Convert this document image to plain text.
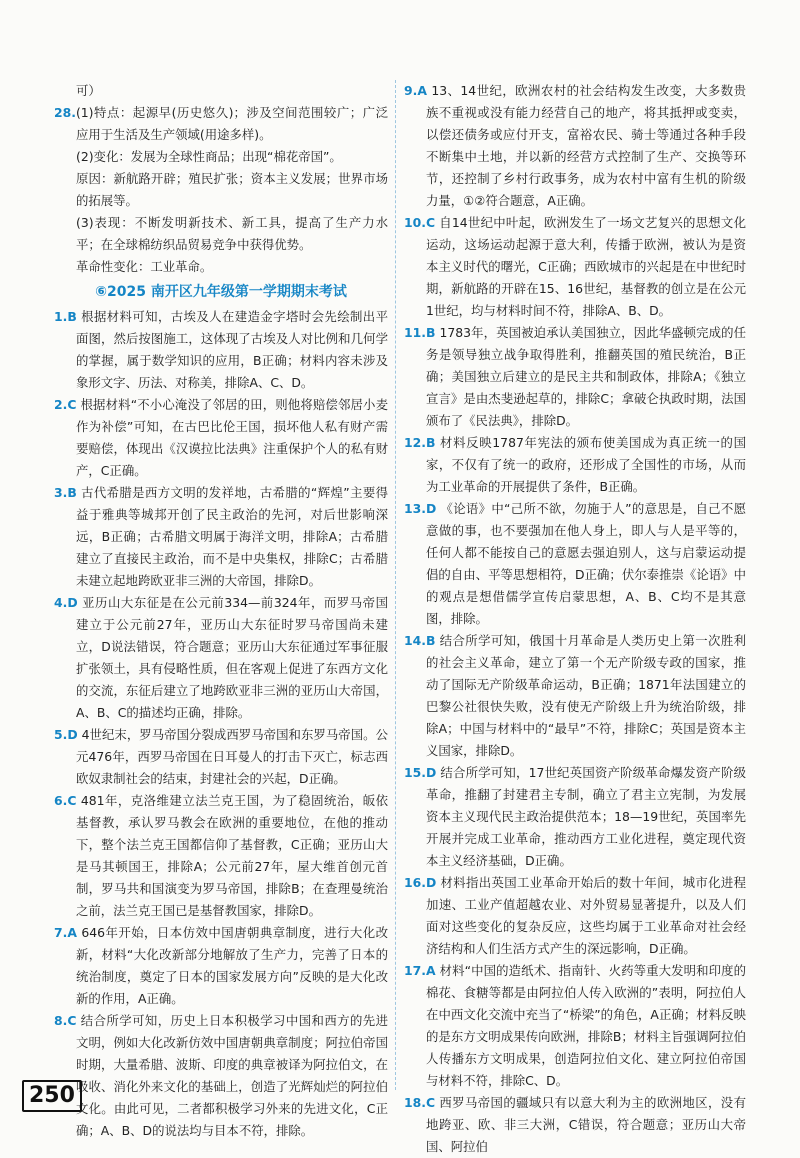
可）

28.(1)特点：起源早(历史悠久)；涉及空间范围较广；广泛应用于生活及生产领域(用途多样)。

(2)变化：发展为全球性商品；出现“棉花帝国”。

原因：新航路开辟；殖民扩张；资本主义发展；世界市场的拓展等。

(3)表现：不断发明新技术、新工具，提高了生产力水平；在全球棉纺织品贸易竞争中获得优势。

革命性变化：工业革命。

⑥2025 南开区九年级第一学期期末考试

1.B 根据材料可知，古埃及人在建造金字塔时会先绘制出平面图，然后按图施工，这体现了古埃及人对比例和几何学的掌握，属于数学知识的应用，B正确；材料内容未涉及象形文字、历法、对称美，排除A、C、D。

2.C 根据材料“不小心淹没了邻居的田，则他将赔偿邻居小麦作为补偿”可知，在古巴比伦王国，损坏他人私有财产需要赔偿，体现出《汉谟拉比法典》注重保护个人的私有财产，C正确。

3.B 古代希腊是西方文明的发祥地，古希腊的“辉煌”主要得益于雅典等城邦开创了民主政治的先河，对后世影响深远，B正确；古希腊文明属于海洋文明，排除A；古希腊建立了直接民主政治，而不是中央集权，排除C；古希腊未建立起地跨欧亚非三洲的大帝国，排除D。

4.D 亚历山大东征是在公元前334—前324年，而罗马帝国建立于公元前27年，亚历山大东征时罗马帝国尚未建立，D说法错误，符合题意；亚历山大东征通过军事征服扩张领土，具有侵略性质，但在客观上促进了东西方文化的交流，东征后建立了地跨欧亚非三洲的亚历山大帝国，A、B、C的描述均正确，排除。

5.D 4世纪末，罗马帝国分裂成西罗马帝国和东罗马帝国。公元476年，西罗马帝国在日耳曼人的打击下灭亡，标志西欧奴隶制社会的结束，封建社会的兴起，D正确。

6.C 481年，克洛维建立法兰克王国，为了稳固统治，皈依基督教，承认罗马教会在欧洲的重要地位，在他的推动下，整个法兰克王国都信仰了基督教，C正确；亚历山大是马其顿国王，排除A；公元前27年，屋大维首创元首制，罗马共和国演变为罗马帝国，排除B；在查理曼统治之前，法兰克王国已是基督教国家，排除D。

7.A 646年开始，日本仿效中国唐朝典章制度，进行大化改新，材料“大化改新部分地解放了生产力，完善了日本的统治制度，奠定了日本的国家发展方向”反映的是大化改新的作用，A正确。

8.C 结合所学可知，历史上日本积极学习中国和西方的先进文明，例如大化改新仿效中国唐朝典章制度；阿拉伯帝国时期，大量希腊、波斯、印度的典章被译为阿拉伯文，在吸收、消化外来文化的基础上，创造了光辉灿烂的阿拉伯文化。由此可见，二者都积极学习外来的先进文化，C正确；A、B、D的说法均与目本不符，排除。

9.A 13、14世纪，欧洲农村的社会结构发生改变，大多数贵族不重视或没有能力经营自己的地产，将其抵押或变卖，以偿还债务或应付开支，富裕农民、骑士等通过各种手段不断集中土地，并以新的经营方式控制了生产、交换等环节，还控制了乡村行政事务，成为农村中富有生机的阶级力量，①②符合题意，A正确。

10.C 自14世纪中叶起，欧洲发生了一场文艺复兴的思想文化运动，这场运动起源于意大利，传播于欧洲，被认为是资本主义时代的曙光，C正确；西欧城市的兴起是在中世纪时期，新航路的开辟在15、16世纪，基督教的创立是在公元1世纪，均与材料时间不符，排除A、B、D。

11.B 1783年，英国被迫承认美国独立，因此华盛顿完成的任务是领导独立战争取得胜利，推翻英国的殖民统治，B正确；美国独立后建立的是民主共和制政体，排除A；《独立宣言》是由杰斐逊起草的，排除C；拿破仑执政时期，法国颁布了《民法典》，排除D。

12.B 材料反映1787年宪法的颁布使美国成为真正统一的国家，不仅有了统一的政府，还形成了全国性的市场，从而为工业革命的开展提供了条件，B正确。

13.D 《论语》中“己所不欲，勿施于人”的意思是，自己不愿意做的事，也不要强加在他人身上，即人与人是平等的，任何人都不能按自己的意愿去强迫别人，这与启蒙运动提倡的自由、平等思想相符，D正确；伏尔泰推崇《论语》中的观点是想借儒学宣传启蒙思想，A、B、C均不是其意图，排除。

14.B 结合所学可知，俄国十月革命是人类历史上第一次胜利的社会主义革命，建立了第一个无产阶级专政的国家，推动了国际无产阶级革命运动，B正确；1871年法国建立的巴黎公社很快失败，没有使无产阶级上升为统治阶级，排除A；中国与材料中的“最早”不符，排除C；英国是资本主义国家，排除D。

15.D 结合所学可知，17世纪英国资产阶级革命爆发资产阶级革命，推翻了封建君主专制，确立了君主立宪制，为发展资本主义现代民主政治提供范本；18—19世纪，英国率先开展并完成工业革命，推动西方工业化进程，奠定现代资本主义经济基础，D正确。

16.D 材料指出英国工业革命开始后的数十年间，城市化进程加速、工业产值超越农业、对外贸易显著提升，以及人们面对这些变化的复杂反应，这些均属于工业革命对社会经济结构和人们生活方式产生的深远影响，D正确。

17.A 材料“中国的造纸术、指南针、火药等重大发明和印度的棉花、食糖等都是由阿拉伯人传入欧洲的”表明，阿拉伯人在中西文化交流中充当了“桥梁”的角色，A正确；材料反映的是东方文明成果传向欧洲，排除B；材料主旨强调阿拉伯人传播东方文明成果，创造阿拉伯文化、建立阿拉伯帝国与材料不符，排除C、D。

18.C 西罗马帝国的疆域只有以意大利为主的欧洲地区，没有地跨亚、欧、非三大洲，C错误，符合题意；亚历山大帝国、阿拉伯

250
